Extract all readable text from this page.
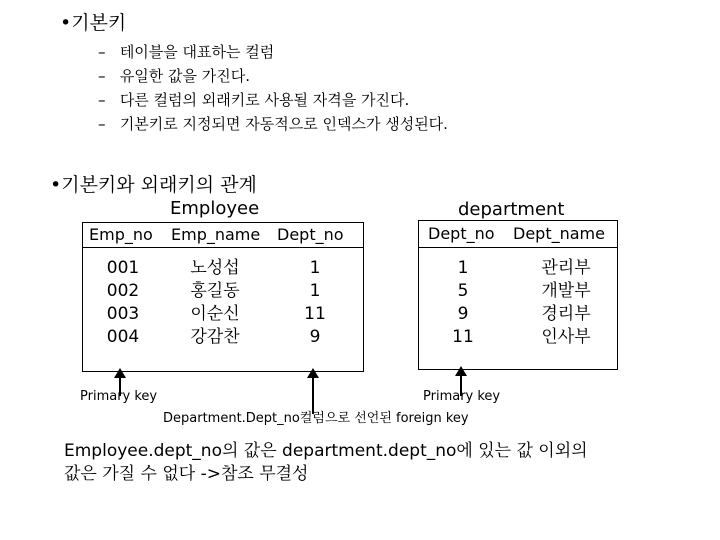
•기본키
–   테이블을 대표하는 컬럼
–   유일한 값을 가진다.
–   다른 컬럼의 외래키로 사용될 자격을 가진다.
–   기본키로 지정되면 자동적으로 인덱스가 생성된다.
•기본키와 외래키의 관계
Employee
Emp_no Emp_name Dept_no
001
002
003
004
노성섭
홍길동
이순신
강감찬
1
1
11
9
department
Dept_no Dept_name
1
5
9
11
관리부
개발부
경리부
인사부
Primary key	Primary key
Department.Dept_no컬럼으로 선언된 foreign key
Employee.dept_no의 값은 department.dept_no에 있는 값 이외의
값은 가질 수 없다 ->참조 무결성
